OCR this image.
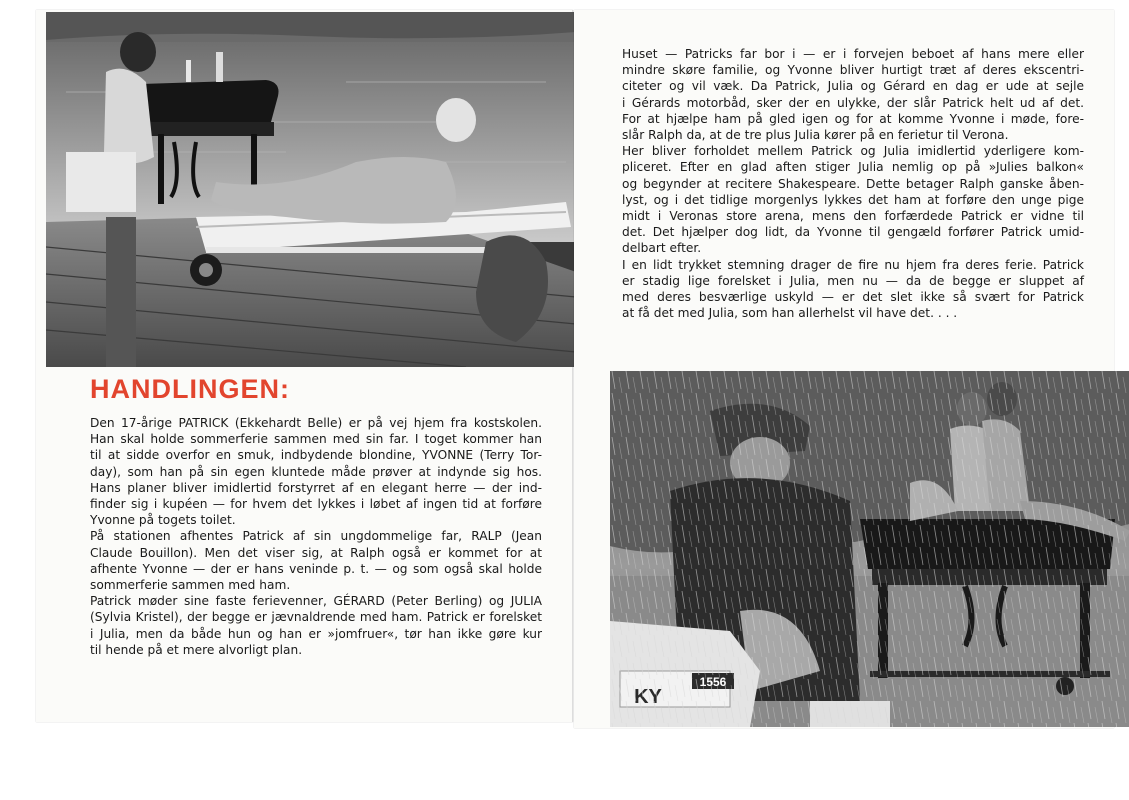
HANDLINGEN:
Den 17-årige PATRICK (Ekkehardt Belle) er på vej hjem fra kostskolen.
Han skal holde sommerferie sammen med sin far. I toget kommer han
til at sidde overfor en smuk, indbydende blondine, YVONNE (Terry Tor-
day), som han på sin egen kluntede måde prøver at indynde sig hos.
Hans planer bliver imidlertid forstyrret af en elegant herre — der ind-
finder sig i kupéen — for hvem det lykkes i løbet af ingen tid at forføre
Yvonne på togets toilet.
På stationen afhentes Patrick af sin ungdommelige far, RALP (Jean
Claude Bouillon). Men det viser sig, at Ralph også er kommet for at
afhente Yvonne — der er hans veninde p. t. — og som også skal holde
sommerferie sammen med ham.
Patrick møder sine faste ferievenner, GÉRARD (Peter Berling) og JULIA
(Sylvia Kristel), der begge er jævnaldrende med ham. Patrick er forelsket
i Julia, men da både hun og han er »jomfruer«, tør han ikke gøre kur
til hende på et mere alvorligt plan.
Huset — Patricks far bor i — er i forvejen beboet af hans mere eller
mindre skøre familie, og Yvonne bliver hurtigt træt af deres ekscentri-
citeter og vil væk. Da Patrick, Julia og Gérard en dag er ude at sejle
i Gérards motorbåd, sker der en ulykke, der slår Patrick helt ud af det.
For at hjælpe ham på gled igen og for at komme Yvonne i møde, fore-
slår Ralph da, at de tre plus Julia kører på en ferietur til Verona.
Her bliver forholdet mellem Patrick og Julia imidlertid yderligere kom-
pliceret. Efter en glad aften stiger Julia nemlig op på »Julies balkon«
og begynder at recitere Shakespeare. Dette betager Ralph ganske åben-
lyst, og i det tidlige morgenlys lykkes det ham at forføre den unge pige
midt i Veronas store arena, mens den forfærdede Patrick er vidne til
det. Det hjælper dog lidt, da Yvonne til gengæld forfører Patrick umid-
delbart efter.
I en lidt trykket stemning drager de fire nu hjem fra deres ferie. Patrick
er stadig lige forelsket i Julia, men nu — da de begge er sluppet af
med deres besværlige uskyld — er det slet ikke så svært for Patrick
at få det med Julia, som han allerhelst vil have det. . . .
